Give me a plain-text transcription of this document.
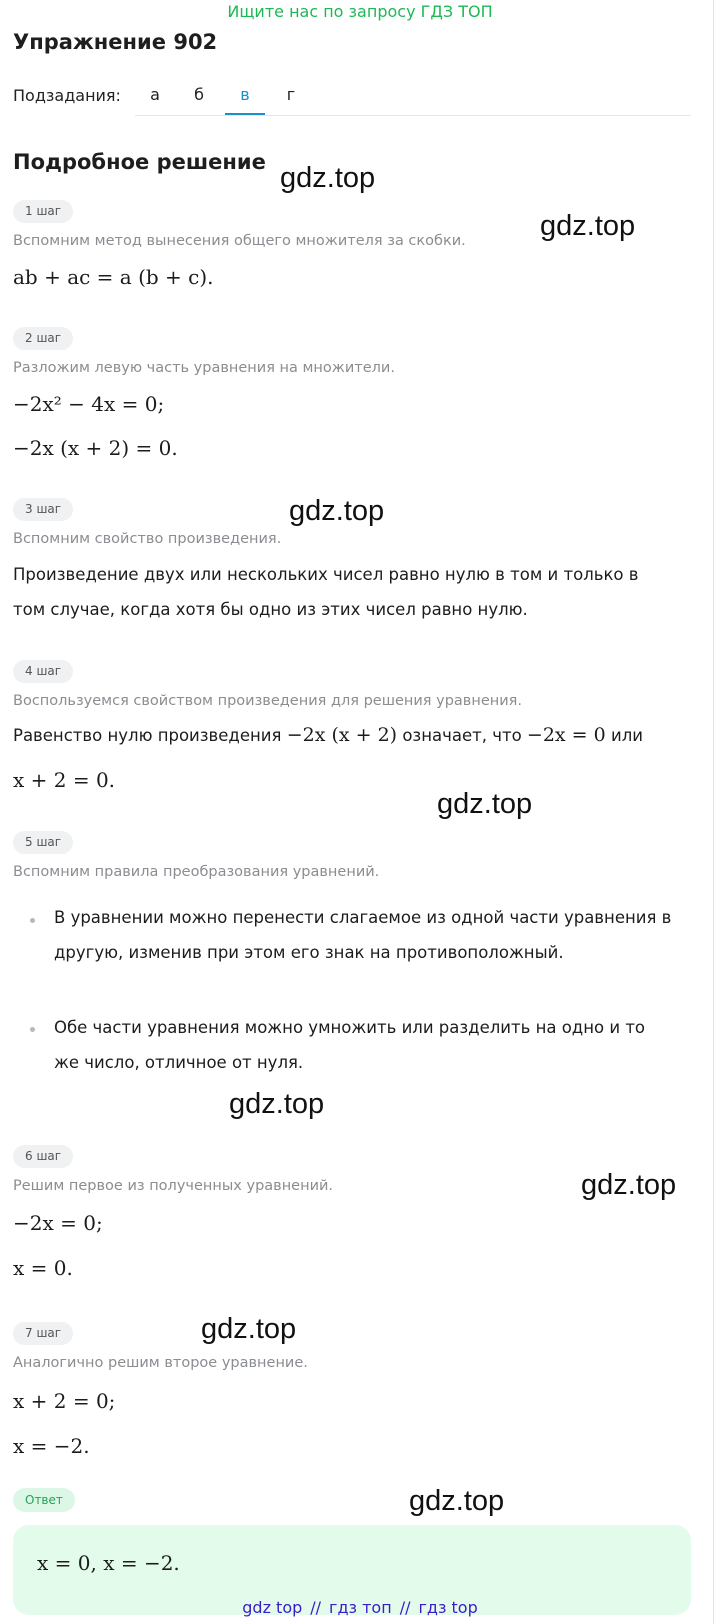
Ищите нас по запросу ГДЗ ТОП
Упражнение 902
Подзадания:	а	б	в	г
Подробное решение
1 шаг
Вспомним метод вынесения общего множителя за скобки.
ab + ac = a (b + c).
2 шаг
Разложим левую часть уравнения на множители.
−2x² − 4x = 0;
−2x (x + 2) = 0.
3 шаг
Вспомним свойство произведения.
Произведение двух или нескольких чисел равно нулю в том и только в том случае, когда хотя бы одно из этих чисел равно нулю.
4 шаг
Воспользуемся свойством произведения для решения уравнения.
Равенство нулю произведения −2x (x + 2) означает, что −2x = 0 или
x + 2 = 0.
5 шаг
Вспомним правила преобразования уравнений.
В уравнении можно перенести слагаемое из одной части уравнения в другую, изменив при этом его знак на противоположный.
Обе части уравнения можно умножить или разделить на одно и то же число, отличное от нуля.
6 шаг
Решим первое из полученных уравнений.
−2x = 0;
x = 0.
7 шаг
Аналогично решим второе уравнение.
x + 2 = 0;
x = −2.
Ответ
x = 0, x = −2.
gdz.top
gdz.top
gdz.top
gdz.top
gdz.top
gdz.top
gdz.top
gdz.top
gdz top // гдз топ // гдз top
